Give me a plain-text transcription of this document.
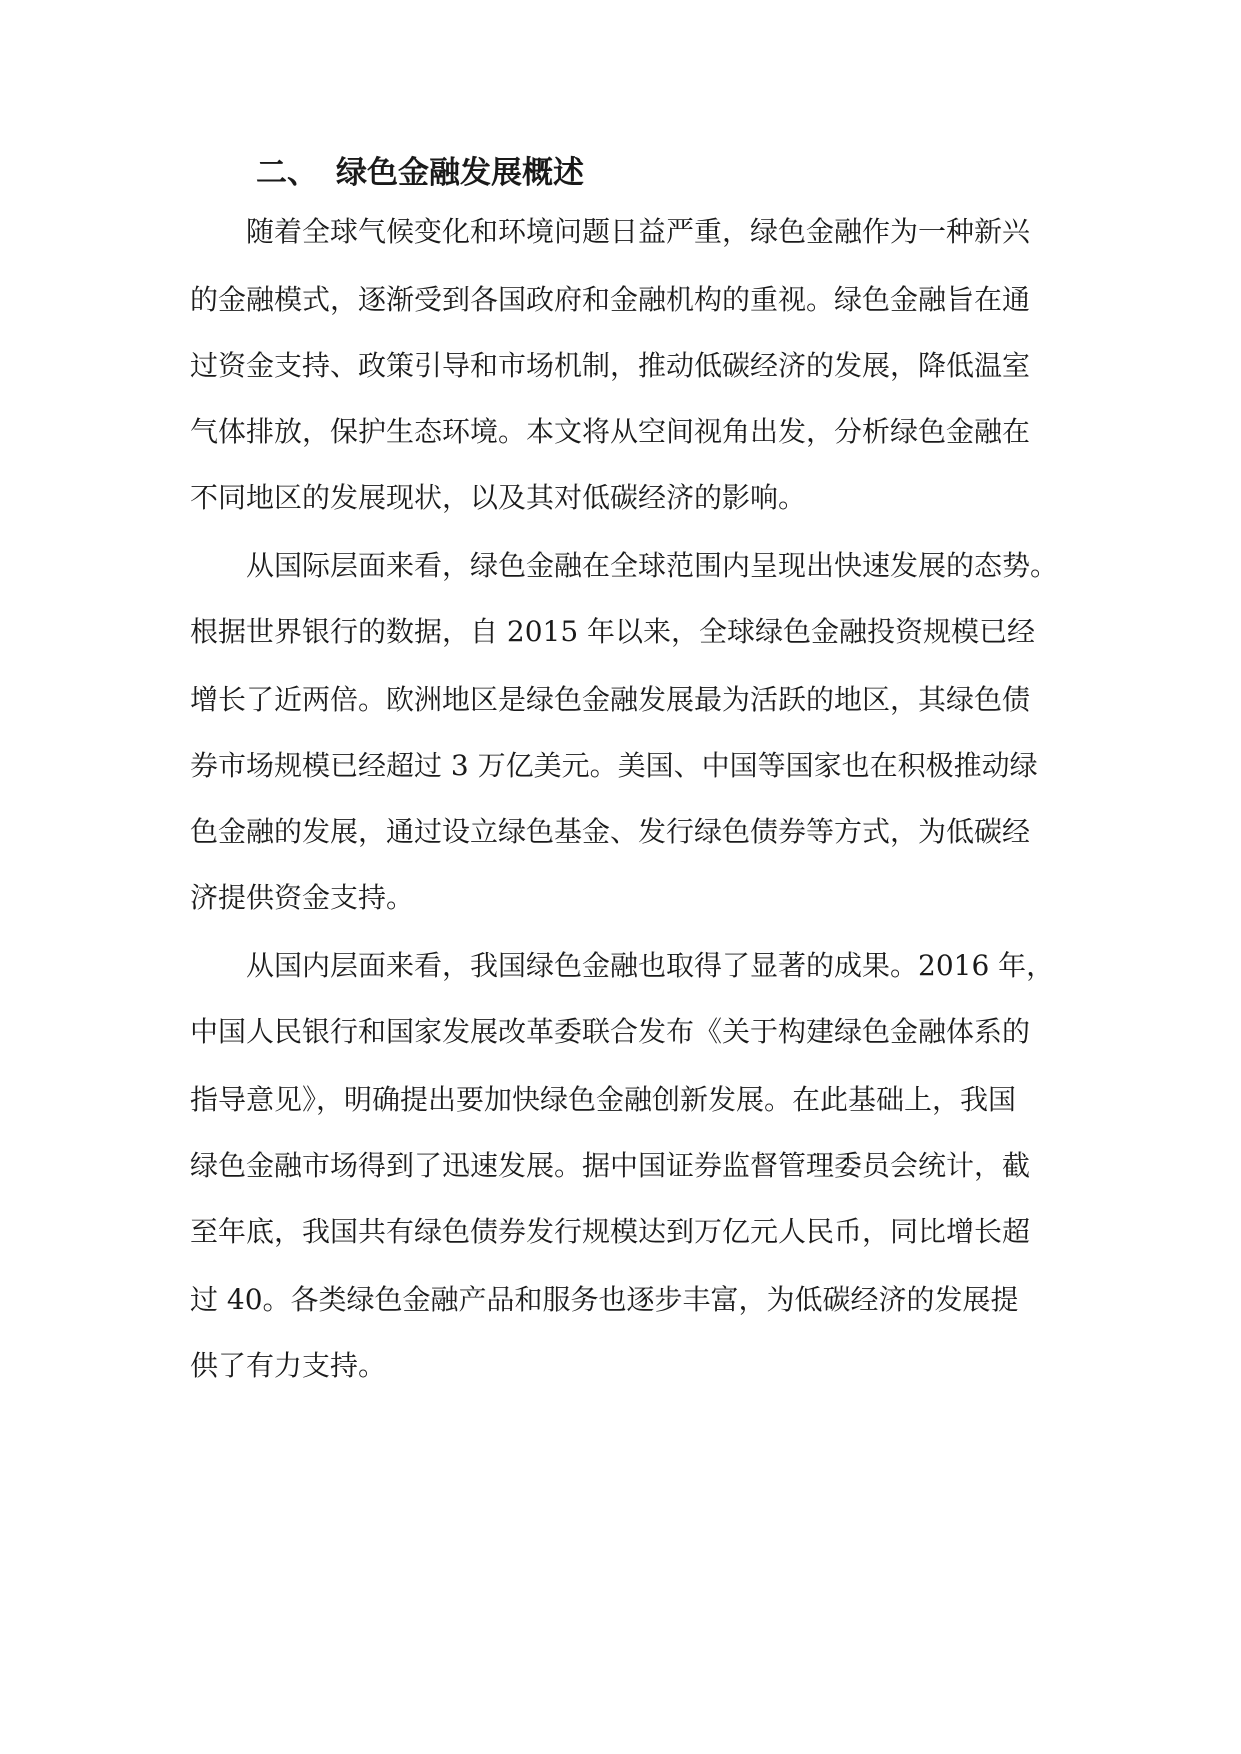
二、 绿色金融发展概述

随着全球气候变化和环境问题日益严重，绿色金融作为一种新兴

的金融模式，逐渐受到各国政府和金融机构的重视。绿色金融旨在通

过资金支持、政策引导和市场机制，推动低碳经济的发展，降低温室

气体排放，保护生态环境。本文将从空间视角出发，分析绿色金融在

不同地区的发展现状，以及其对低碳经济的影响。

从国际层面来看，绿色金融在全球范围内呈现出快速发展的态势。

根据世界银行的数据，自 2015 年以来，全球绿色金融投资规模已经

增长了近两倍。欧洲地区是绿色金融发展最为活跃的地区，其绿色债

券市场规模已经超过 3 万亿美元。美国、中国等国家也在积极推动绿

色金融的发展，通过设立绿色基金、发行绿色债券等方式，为低碳经

济提供资金支持。

从国内层面来看，我国绿色金融也取得了显著的成果。2016 年，

中国人民银行和国家发展改革委联合发布《关于构建绿色金融体系的

指导意见》，明确提出要加快绿色金融创新发展。在此基础上，我国

绿色金融市场得到了迅速发展。据中国证券监督管理委员会统计，截

至年底，我国共有绿色债券发行规模达到万亿元人民币，同比增长超

过 40。各类绿色金融产品和服务也逐步丰富，为低碳经济的发展提

供了有力支持。
